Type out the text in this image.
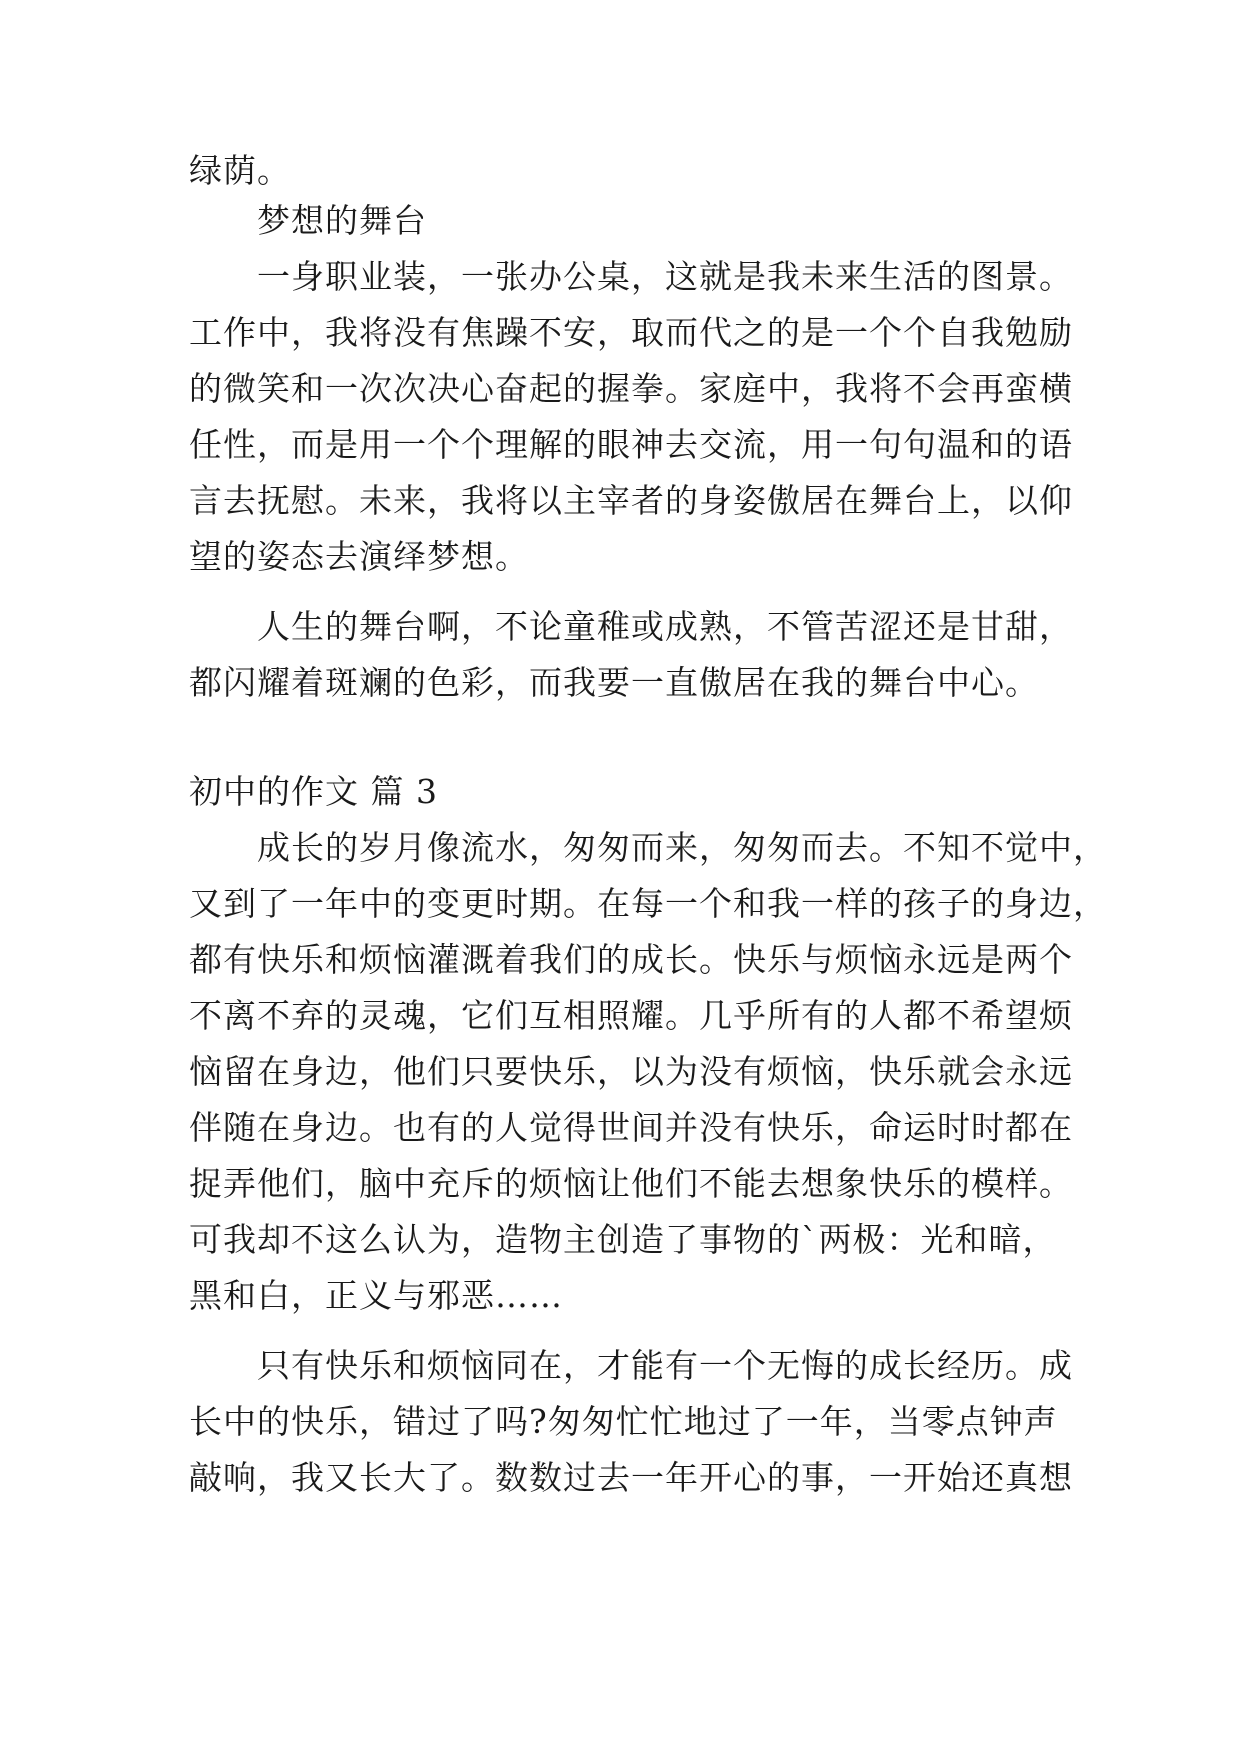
绿荫。
梦想的舞台
一身职业装，一张办公桌，这就是我未来生活的图景。
工作中，我将没有焦躁不安，取而代之的是一个个自我勉励
的微笑和一次次决心奋起的握拳。家庭中，我将不会再蛮横
任性，而是用一个个理解的眼神去交流，用一句句温和的语
言去抚慰。未来，我将以主宰者的身姿傲居在舞台上，以仰
望的姿态去演绎梦想。
人生的舞台啊，不论童稚或成熟，不管苦涩还是甘甜，
都闪耀着斑斓的色彩，而我要一直傲居在我的舞台中心。
初中的作文 篇 3
成长的岁月像流水，匆匆而来，匆匆而去。不知不觉中，
又到了一年中的变更时期。在每一个和我一样的孩子的身边，
都有快乐和烦恼灌溉着我们的成长。快乐与烦恼永远是两个
不离不弃的灵魂，它们互相照耀。几乎所有的人都不希望烦
恼留在身边，他们只要快乐，以为没有烦恼，快乐就会永远
伴随在身边。也有的人觉得世间并没有快乐，命运时时都在
捉弄他们，脑中充斥的烦恼让他们不能去想象快乐的模样。
可我却不这么认为，造物主创造了事物的`两极：光和暗，
黑和白，正义与邪恶……
只有快乐和烦恼同在，才能有一个无悔的成长经历。成
长中的快乐，错过了吗?匆匆忙忙地过了一年，当零点钟声
敲响，我又长大了。数数过去一年开心的事，一开始还真想
